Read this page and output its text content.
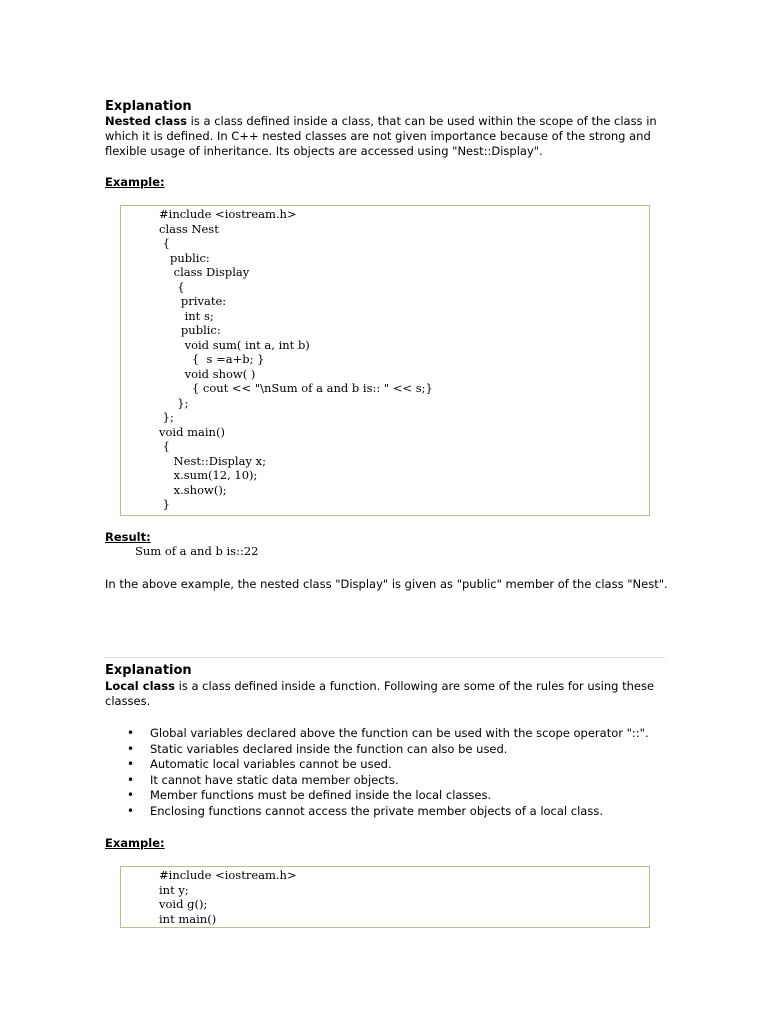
Explanation

Nested class is a class defined inside a class, that can be used within the scope of the class in

which it is defined. In C++ nested classes are not given importance because of the strong and

flexible usage of inheritance. Its objects are accessed using "Nest::Display".

Example:
#include <iostream.h>
class Nest
{
public:
class Display
{
private:
int s;
public:
void sum( int a, int b)
{  s =a+b; }
void show( )
{ cout << "\nSum of a and b is:: " << s;}
};
};
void main()
{
Nest::Display x;
x.sum(12, 10);
x.show();
}
Result:
Sum of a and b is::22

In the above example, the nested class "Display" is given as "public" member of the class "Nest".

Explanation

Local class is a class defined inside a function. Following are some of the rules for using these

classes.

• Global variables declared above the function can be used with the scope operator "::".
• Static variables declared inside the function can also be used.
• Automatic local variables cannot be used.
• It cannot have static data member objects.
• Member functions must be defined inside the local classes.
• Enclosing functions cannot access the private member objects of a local class.
Example:
#include <iostream.h>
int y;
void g();
int main()
